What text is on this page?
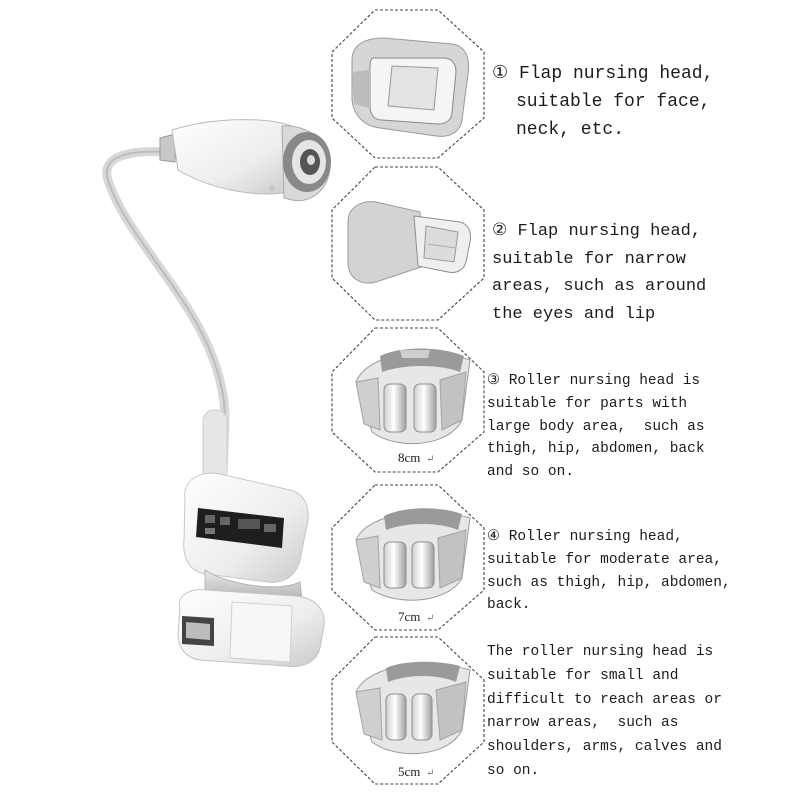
8cm ↵
7cm ↵
5cm ↵
① Flap nursing head,
suitable for face,
neck, etc.
② Flap nursing head,
suitable for narrow
areas, such as around
the eyes and lip
③ Roller nursing head is
suitable for parts with
large body area,  such as
thigh, hip, abdomen, back
and so on.
④ Roller nursing head,
suitable for moderate area,
such as thigh, hip, abdomen,
back.
The roller nursing head is
suitable for small and
difficult to reach areas or
narrow areas,  such as
shoulders, arms, calves and
so on.
